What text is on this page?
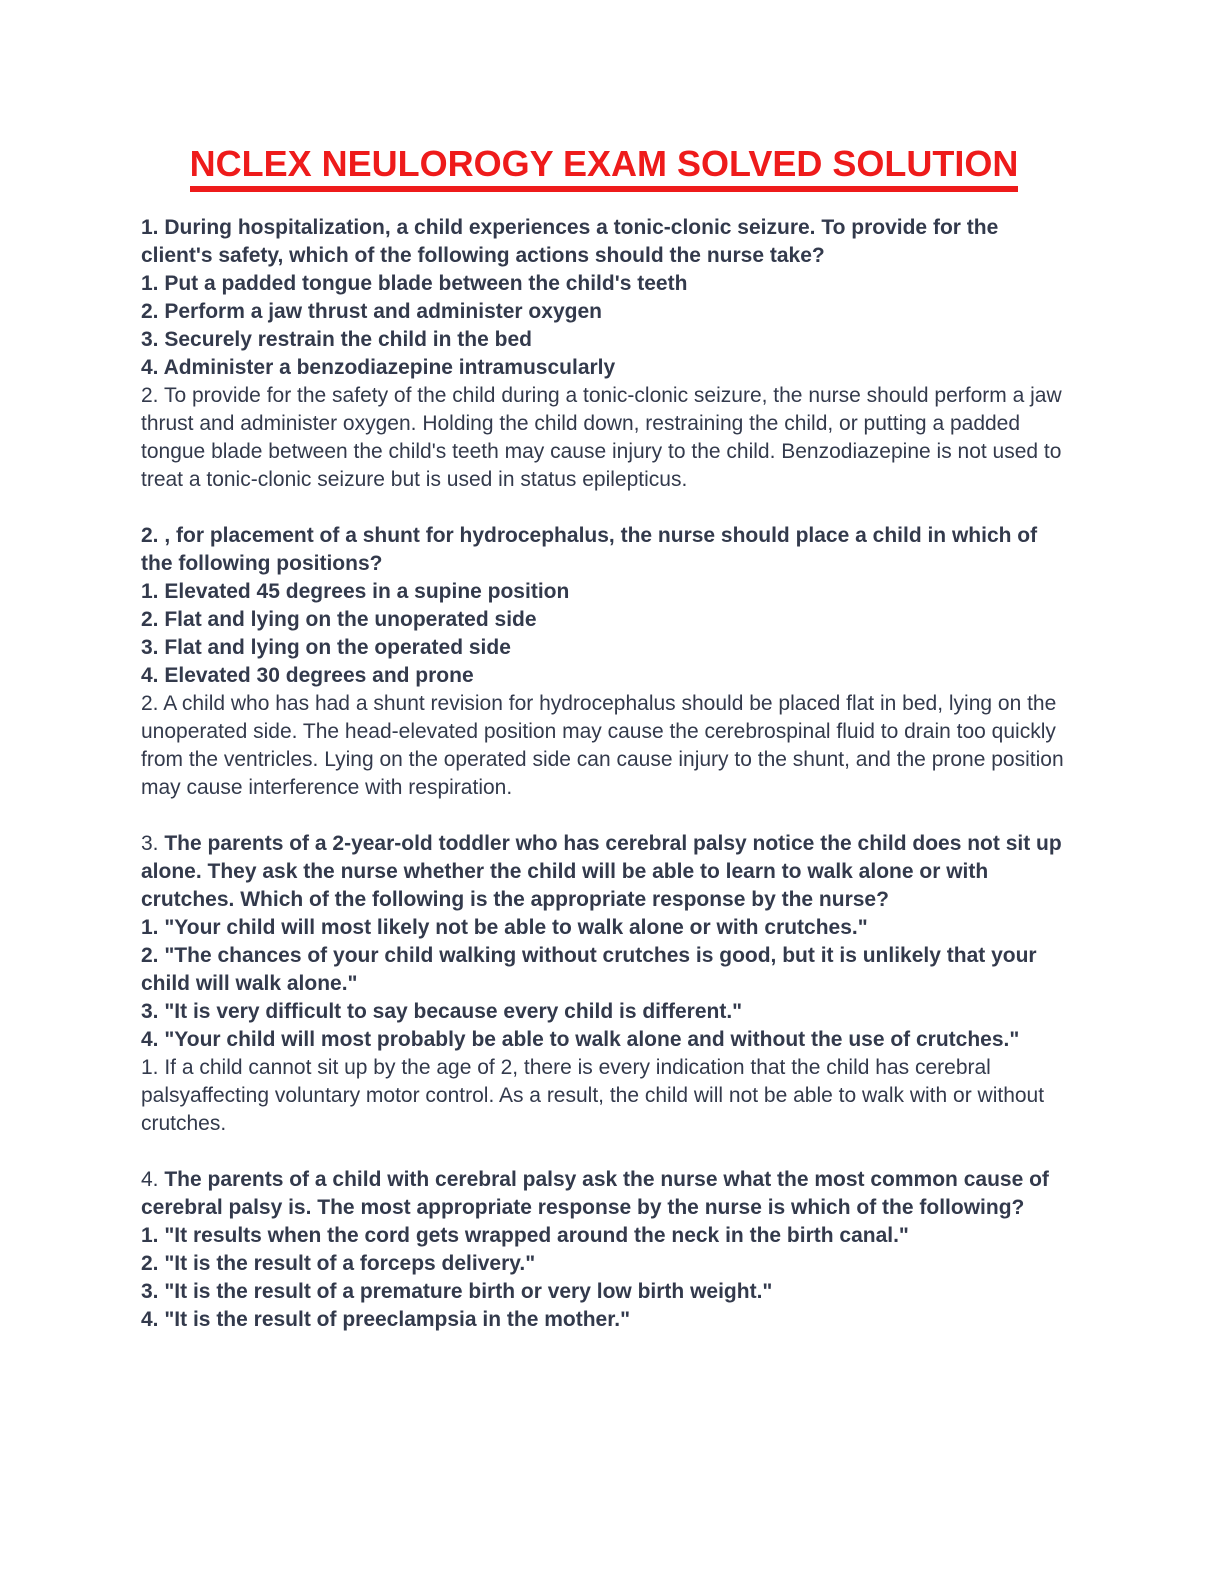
NCLEX NEULOROGY EXAM SOLVED SOLUTION

1. During hospitalization, a child experiences a tonic-clonic seizure. To provide for the client's safety, which of the following actions should the nurse take?

1. Put a padded tongue blade between the child's teeth
2. Perform a jaw thrust and administer oxygen
3. Securely restrain the child in the bed
4. Administer a benzodiazepine intramuscularly
2. To provide for the safety of the child during a tonic-clonic seizure, the nurse should perform a jaw thrust and administer oxygen. Holding the child down, restraining the child, or putting a padded tongue blade between the child's teeth may cause injury to the child. Benzodiazepine is not used to treat a tonic-clonic seizure but is used in status epilepticus.

2. , for placement of a shunt for hydrocephalus, the nurse should place a child in which of the following positions?

1. Elevated 45 degrees in a supine position
2. Flat and lying on the unoperated side
3. Flat and lying on the operated side
4. Elevated 30 degrees and prone
2. A child who has had a shunt revision for hydrocephalus should be placed flat in bed, lying on the unoperated side. The head-elevated position may cause the cerebrospinal fluid to drain too quickly from the ventricles. Lying on the operated side can cause injury to the shunt, and the prone position may cause interference with respiration.

3. The parents of a 2-year-old toddler who has cerebral palsy notice the child does not sit up alone. They ask the nurse whether the child will be able to learn to walk alone or with crutches. Which of the following is the appropriate response by the nurse?

1. "Your child will most likely not be able to walk alone or with crutches."
2. "The chances of your child walking without crutches is good, but it is unlikely that your child will walk alone."
3. "It is very difficult to say because every child is different."
4. "Your child will most probably be able to walk alone and without the use of crutches."
1. If a child cannot sit up by the age of 2, there is every indication that the child has cerebral palsyaffecting voluntary motor control. As a result, the child will not be able to walk with or without crutches.

4. The parents of a child with cerebral palsy ask the nurse what the most common cause of cerebral palsy is. The most appropriate response by the nurse is which of the following?

1. "It results when the cord gets wrapped around the neck in the birth canal."
2. "It is the result of a forceps delivery."
3. "It is the result of a premature birth or very low birth weight."
4. "It is the result of preeclampsia in the mother."
